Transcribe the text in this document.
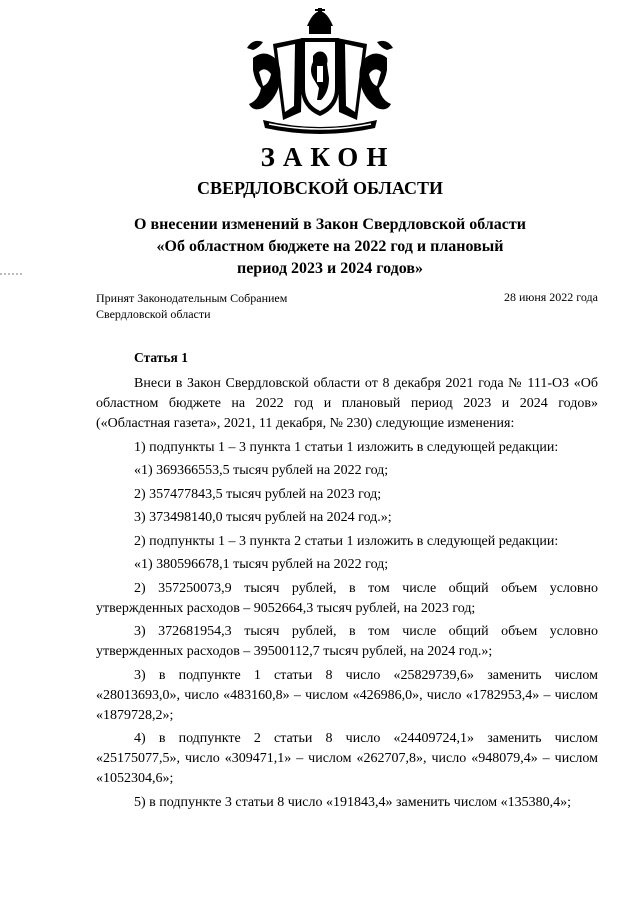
ЗАКОН
СВЕРДЛОВСКОЙ ОБЛАСТИ
О внесении изменений в Закон Свердловской области
«Об областном бюджете на 2022 год и плановый
период 2023 и 2024 годов»
Принят Законодательным Собранием
Свердловской области
28 июня 2022 года
Статья 1
Внеси в Закон Свердловской области от 8 декабря 2021 года № 111-ОЗ «Об областном бюджете на 2022 год и плановый период 2023 и 2024 годов» («Областная газета», 2021, 11 декабря, № 230) следующие изменения:
1) подпункты 1 – 3 пункта 1 статьи 1 изложить в следующей редакции:
«1) 369366553,5 тысяч рублей на 2022 год;
2) 357477843,5 тысяч рублей на 2023 год;
3) 373498140,0 тысяч рублей на 2024 год.»;
2) подпункты 1 – 3 пункта 2 статьи 1 изложить в следующей редакции:
«1) 380596678,1 тысяч рублей на 2022 год;
2) 357250073,9 тысяч рублей, в том числе общий объем условно утвержденных расходов – 9052664,3 тысяч рублей, на 2023 год;
3) 372681954,3 тысяч рублей, в том числе общий объем условно утвержденных расходов – 39500112,7 тысяч рублей, на 2024 год.»;
3) в подпункте 1 статьи 8 число «25829739,6» заменить числом «28013693,0», число «483160,8» – числом «426986,0», число «1782953,4» – числом «1879728,2»;
4) в подпункте 2 статьи 8 число «24409724,1» заменить числом «25175077,5», число «309471,1» – числом «262707,8», число «948079,4» – числом «1052304,6»;
5) в подпункте 3 статьи 8 число «191843,4» заменить числом «135380,4»;
